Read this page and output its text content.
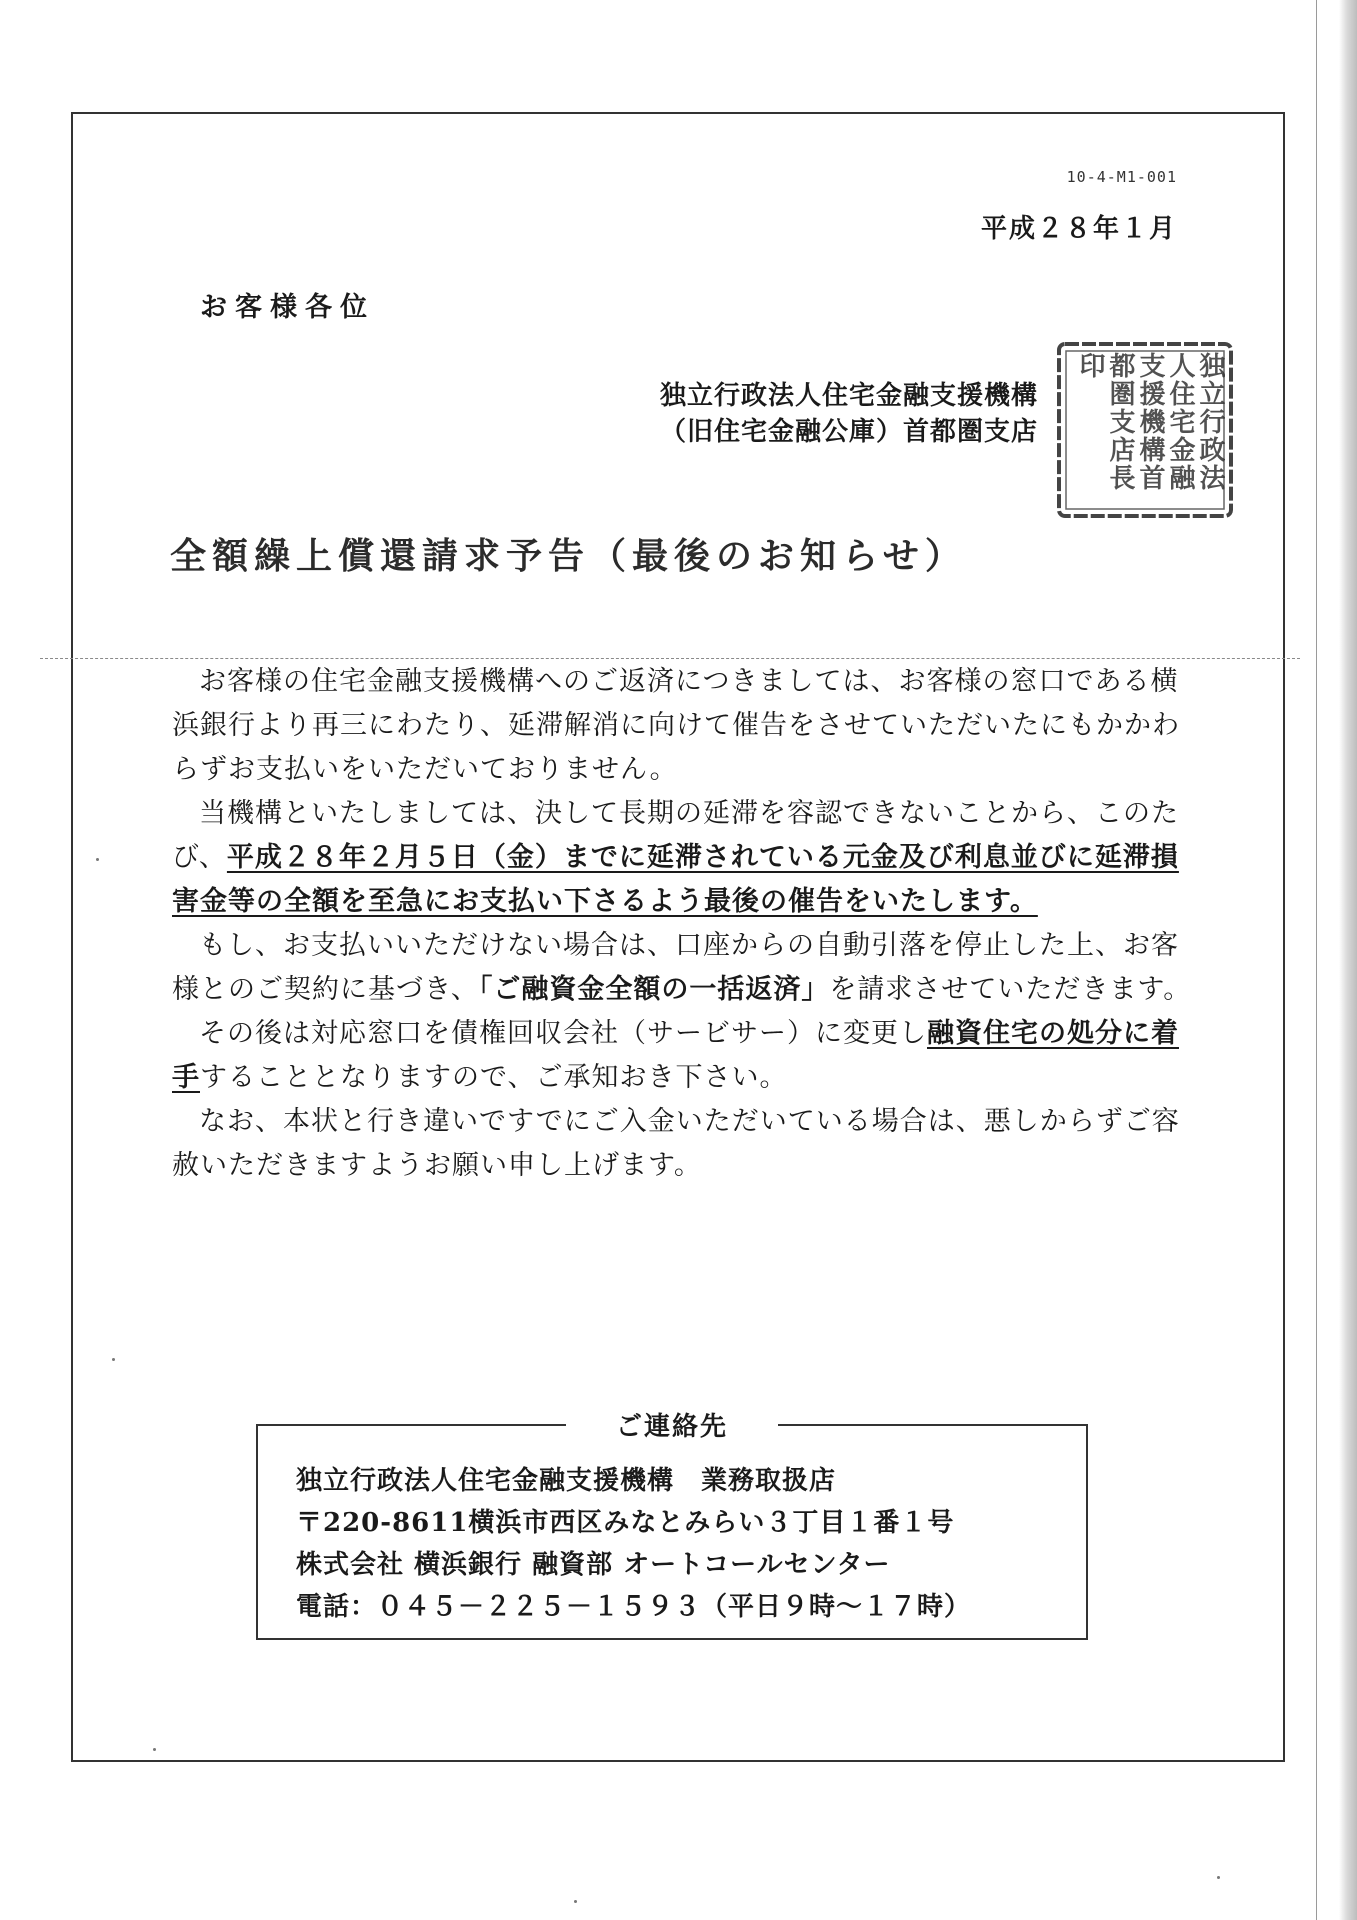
10-4-M1-001
平成２８年１月
お客様各位
独立行政法人住宅金融支援機構
（旧住宅金融公庫）首都圏支店	独立行政法人住宅金融支援機構首都圏支店長印
全額繰上償還請求予告（最後のお知らせ）

お客様の住宅金融支援機構へのご返済につきましては、お客様の窓口である横浜銀行より再三にわたり、延滞解消に向けて催告をさせていただいたにもかかわらずお支払いをいただいておりません。

当機構といたしましては、決して長期の延滞を容認できないことから、このたび、平成２８年２月５日（金）までに延滞されている元金及び利息並びに延滞損害金等の全額を至急にお支払い下さるよう最後の催告をいたします。

もし、お支払いいただけない場合は、口座からの自動引落を停止した上、お客様とのご契約に基づき、「ご融資金全額の一括返済」を請求させていただきます。

その後は対応窓口を債権回収会社（サービサー）に変更し融資住宅の処分に着手することとなりますので、ご承知おき下さい。

なお、本状と行き違いですでにご入金いただいている場合は、悪しからずご容赦いただきますようお願い申し上げます。

ご連絡先
独立行政法人住宅金融支援機構　業務取扱店
〒220-8611横浜市西区みなとみらい３丁目１番１号
株式会社 横浜銀行 融資部 オートコールセンター
電話：０４５－２２５－１５９３（平日９時～１７時）
